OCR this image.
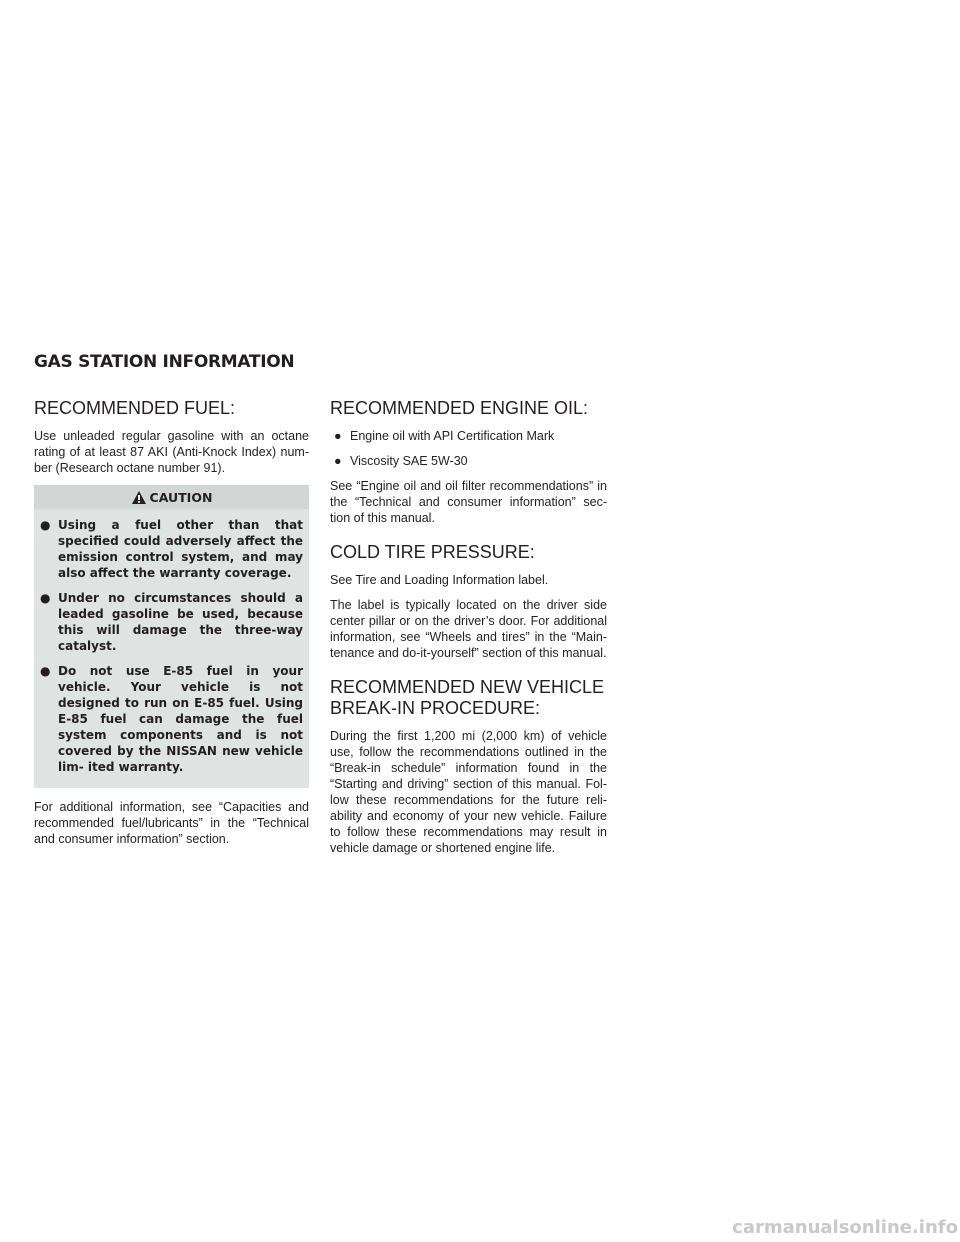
GAS STATION INFORMATION
RECOMMENDED FUEL:

Use unleaded regular gasoline with an octane rating of at least 87 AKI (Anti-Knock Index) num- ber (Research octane number 91).

CAUTION
● Using a fuel other than that specified could adversely affect the emission control system, and may also affect the warranty coverage.
● Under no circumstances should a leaded gasoline be used, because this will damage the three-way catalyst.
● Do not use E-85 fuel in your vehicle. Your vehicle is not designed to run on E-85 fuel. Using E-85 fuel can damage the fuel system components and is not covered by the NISSAN new vehicle lim- ited warranty.

For additional information, see “Capacities and recommended fuel/lubricants” in the “Technical and consumer information” section.

RECOMMENDED ENGINE OIL:
● Engine oil with API Certification Mark
● Viscosity SAE 5W-30

See “Engine oil and oil filter recommendations” in the “Technical and consumer information” sec- tion of this manual.

COLD TIRE PRESSURE:

See Tire and Loading Information label.

The label is typically located on the driver side center pillar or on the driver’s door. For additional information, see “Wheels and tires” in the “Main- tenance and do-it-yourself” section of this manual.

RECOMMENDED NEW VEHICLE BREAK-IN PROCEDURE:

During the first 1,200 mi (2,000 km) of vehicle use, follow the recommendations outlined in the “Break-in schedule” information found in the “Starting and driving” section of this manual. Fol- low these recommendations for the future reli- ability and economy of your new vehicle. Failure to follow these recommendations may result in vehicle damage or shortened engine life.

carmanualsonline.info
